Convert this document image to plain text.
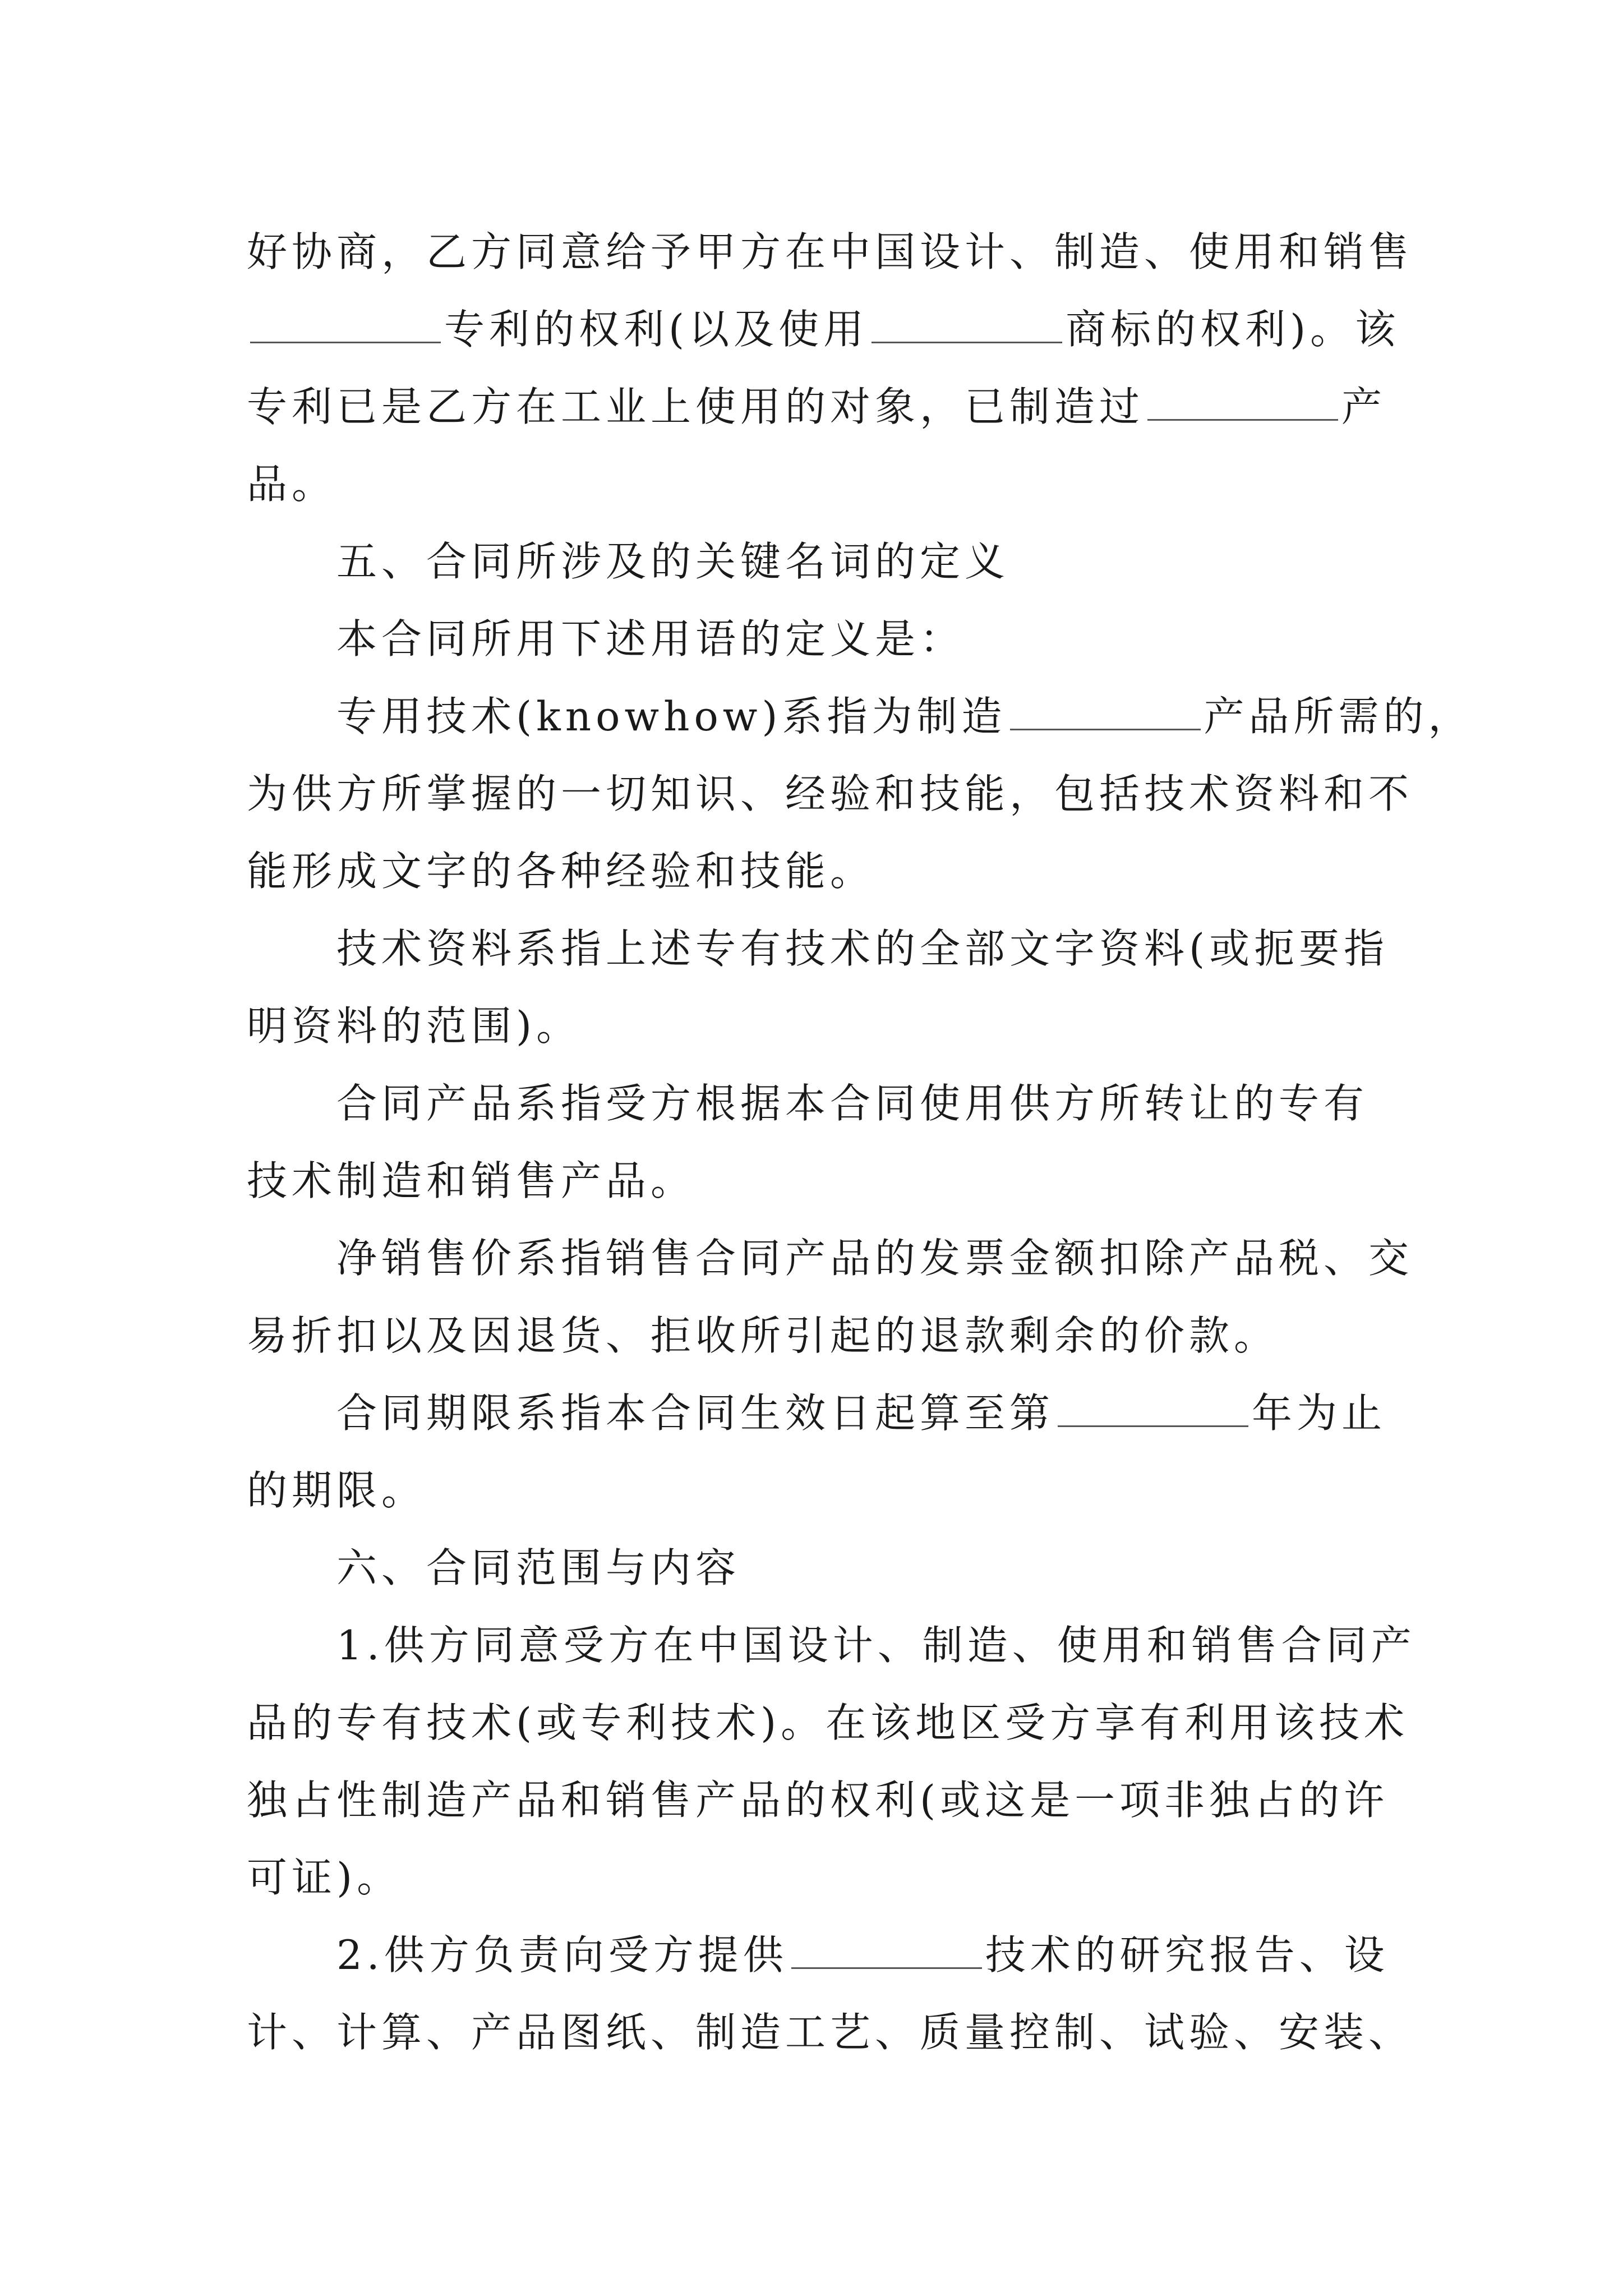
好协商，乙方同意给予甲方在中国设计、制造、使用和销售
专利的权利(以及使用	商标的权利)。该
专利已是乙方在工业上使用的对象，已制造过	产
品。
五、合同所涉及的关键名词的定义
本合同所用下述用语的定义是：
专用技术(knowhow)系指为制造	产品所需的，
为供方所掌握的一切知识、经验和技能，包括技术资料和不
能形成文字的各种经验和技能。
技术资料系指上述专有技术的全部文字资料(或扼要指
明资料的范围)。
合同产品系指受方根据本合同使用供方所转让的专有
技术制造和销售产品。
净销售价系指销售合同产品的发票金额扣除产品税、交
易折扣以及因退货、拒收所引起的退款剩余的价款。
合同期限系指本合同生效日起算至第	年为止
的期限。
六、合同范围与内容
1.供方同意受方在中国设计、制造、使用和销售合同产
品的专有技术(或专利技术)。在该地区受方享有利用该技术
独占性制造产品和销售产品的权利(或这是一项非独占的许
可证)。
2.供方负责向受方提供	技术的研究报告、设
计、计算、产品图纸、制造工艺、质量控制、试验、安装、
